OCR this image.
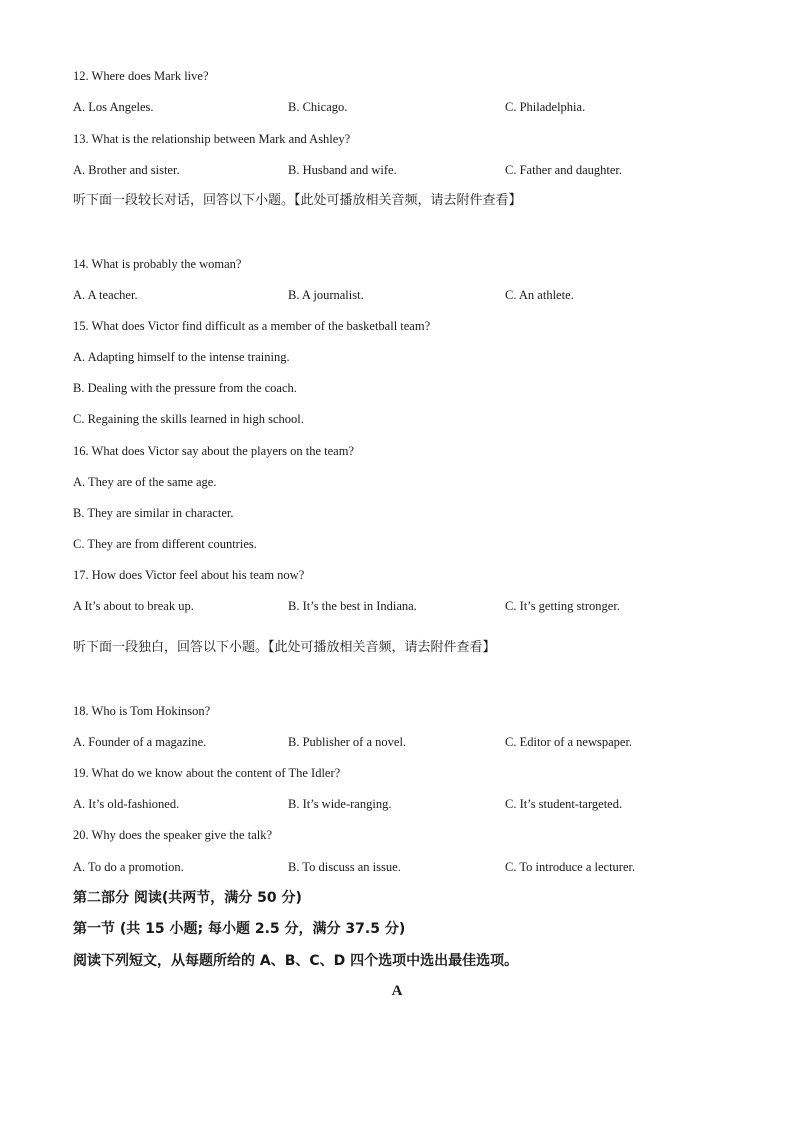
12. Where does Mark live?
A. Los Angeles.	B. Chicago.	C. Philadelphia.
13. What is the relationship between Mark and Ashley?
A. Brother and sister.	B. Husband and wife.	C. Father and daughter.
听下面一段较长对话，回答以下小题。【此处可播放相关音频，请去附件查看】
14. What is probably the woman?
A. A teacher.	B. A journalist.	C. An athlete.
15. What does Victor find difficult as a member of the basketball team?
A. Adapting himself to the intense training.
B. Dealing with the pressure from the coach.
C. Regaining the skills learned in high school.
16. What does Victor say about the players on the team?
A. They are of the same age.
B. They are similar in character.
C. They are from different countries.
17. How does Victor feel about his team now?
A It’s about to break up.	B. It’s the best in Indiana.	C. It’s getting stronger.
听下面一段独白，回答以下小题。【此处可播放相关音频，请去附件查看】
18. Who is Tom Hokinson?
A. Founder of a magazine.	B. Publisher of a novel.	C. Editor of a newspaper.
19. What do we know about the content of The Idler?
A. It’s old-fashioned.	B. It’s wide-ranging.	C. It’s student-targeted.
20. Why does the speaker give the talk?
A. To do a promotion.	B. To discuss an issue.	C. To introduce a lecturer.
第二部分 阅读(共两节，满分 50 分)
第一节 (共 15 小题; 每小题 2.5 分，满分 37.5 分)
阅读下列短文，从每题所给的 A、B、C、D 四个选项中选出最佳选项。
A
